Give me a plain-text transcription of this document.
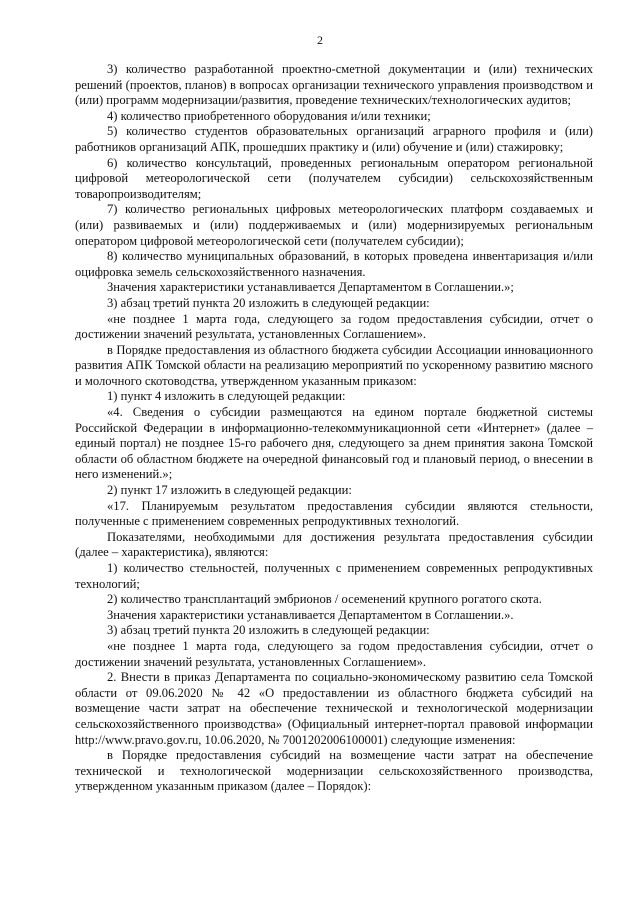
2

3) количество разработанной проектно-сметной документации и (или) технических решений (проектов, планов) в вопросах организации технического управления производством и (или) программ модернизации/развития, проведение технических/технологических аудитов;

4) количество приобретенного оборудования и/или техники;

5) количество студентов образовательных организаций аграрного профиля и (или) работников организаций АПК, прошедших практику и (или) обучение и (или) стажировку;

6) количество консультаций, проведенных региональным оператором региональной цифровой метеорологической сети (получателем субсидии) сельскохозяйственным товаропроизводителям;

7) количество региональных цифровых метеорологических платформ создаваемых и (или) развиваемых и (или) поддерживаемых и (или) модернизируемых региональным оператором цифровой метеорологической сети (получателем субсидии);

8) количество муниципальных образований, в которых проведена инвентаризация и/или оцифровка земель сельскохозяйственного назначения.

Значения характеристики устанавливается Департаментом в Соглашении.»;

3) абзац третий пункта 20 изложить в следующей редакции:

«не позднее 1 марта года, следующего за годом предоставления субсидии, отчет о достижении значений результата, установленных Соглашением».

в Порядке предоставления из областного бюджета субсидии Ассоциации инновационного развития АПК Томской области на реализацию мероприятий по ускоренному развитию мясного и молочного скотоводства, утвержденном указанным приказом:

1) пункт 4 изложить в следующей редакции:

«4. Сведения о субсидии размещаются на едином портале бюджетной системы Российской Федерации в информационно-телекоммуникационной сети «Интернет» (далее – единый портал) не позднее 15-го рабочего дня, следующего за днем принятия закона Томской области об областном бюджете на очередной финансовый год и плановый период, о внесении в него изменений.»;

2) пункт 17 изложить в следующей редакции:

«17. Планируемым результатом предоставления субсидии являются стельности, полученные с применением современных репродуктивных технологий.

Показателями, необходимыми для достижения результата предоставления субсидии (далее – характеристика), являются:

1) количество стельностей, полученных с применением современных репродуктивных технологий;

2) количество трансплантаций эмбрионов / осеменений крупного рогатого скота.

Значения характеристики устанавливается Департаментом в Соглашении.».

3) абзац третий пункта 20 изложить в следующей редакции:

«не позднее 1 марта года, следующего за годом предоставления субсидии, отчет о достижении значений результата, установленных Соглашением».

2. Внести в приказ Департамента по социально-экономическому развитию села Томской области от 09.06.2020 № 42 «О предоставлении из областного бюджета субсидий на возмещение части затрат на обеспечение технической и технологической модернизации сельскохозяйственного производства» (Официальный интернет-портал правовой информации http://www.pravo.gov.ru, 10.06.2020, № 7001202006100001) следующие изменения:

в Порядке предоставления субсидий на возмещение части затрат на обеспечение технической и технологической модернизации сельскохозяйственного производства, утвержденном указанным приказом (далее – Порядок):
